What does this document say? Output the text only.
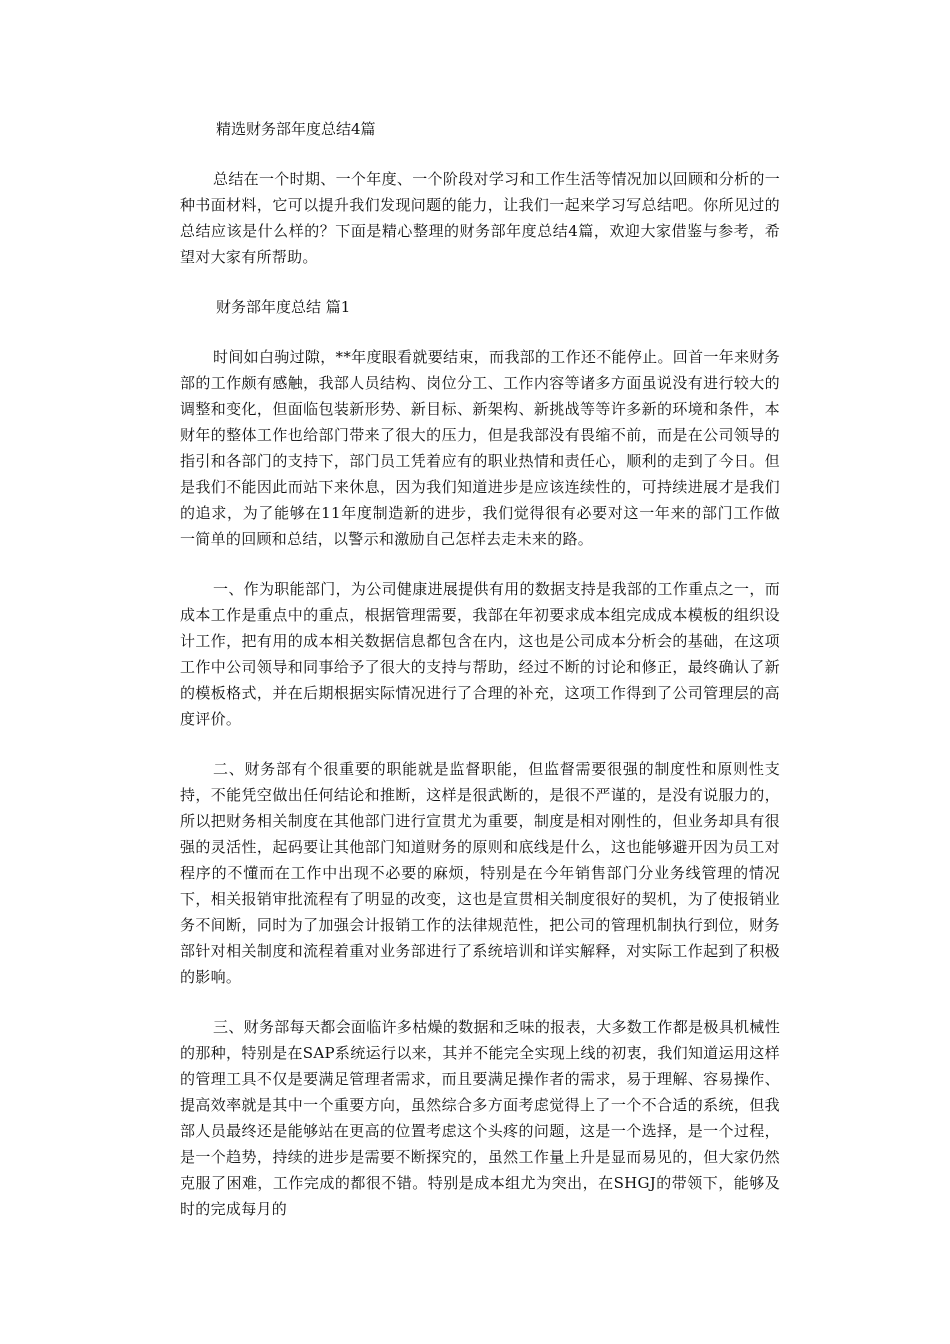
精选财务部年度总结4篇

总结在一个时期、一个年度、一个阶段对学习和工作生活等情况加以回顾和分析的一种书面材料，它可以提升我们发现问题的能力，让我们一起来学习写总结吧。你所见过的总结应该是什么样的？下面是精心整理的财务部年度总结4篇，欢迎大家借鉴与参考，希望对大家有所帮助。

财务部年度总结 篇1

时间如白驹过隙，**年度眼看就要结束，而我部的工作还不能停止。回首一年来财务部的工作颇有感触，我部人员结构、岗位分工、工作内容等诸多方面虽说没有进行较大的调整和变化，但面临包装新形势、新目标、新架构、新挑战等等许多新的环境和条件，本财年的整体工作也给部门带来了很大的压力，但是我部没有畏缩不前，而是在公司领导的指引和各部门的支持下，部门员工凭着应有的职业热情和责任心，顺利的走到了今日。但是我们不能因此而站下来休息，因为我们知道进步是应该连续性的，可持续进展才是我们的追求，为了能够在11年度制造新的进步，我们觉得很有必要对这一年来的部门工作做一简单的回顾和总结，以警示和激励自己怎样去走未来的路。

一、作为职能部门，为公司健康进展提供有用的数据支持是我部的工作重点之一，而成本工作是重点中的重点，根据管理需要，我部在年初要求成本组完成成本模板的组织设计工作，把有用的成本相关数据信息都包含在内，这也是公司成本分析会的基础，在这项工作中公司领导和同事给予了很大的支持与帮助，经过不断的讨论和修正，最终确认了新的模板格式，并在后期根据实际情况进行了合理的补充，这项工作得到了公司管理层的高度评价。

二、财务部有个很重要的职能就是监督职能，但监督需要很强的制度性和原则性支持，不能凭空做出任何结论和推断，这样是很武断的，是很不严谨的，是没有说服力的，所以把财务相关制度在其他部门进行宣贯尤为重要，制度是相对刚性的，但业务却具有很强的灵活性，起码要让其他部门知道财务的原则和底线是什么，这也能够避开因为员工对程序的不懂而在工作中出现不必要的麻烦，特别是在今年销售部门分业务线管理的情况下，相关报销审批流程有了明显的改变，这也是宣贯相关制度很好的契机，为了使报销业务不间断，同时为了加强会计报销工作的法律规范性，把公司的管理机制执行到位，财务部针对相关制度和流程着重对业务部进行了系统培训和详实解释，对实际工作起到了积极的影响。

三、财务部每天都会面临许多枯燥的数据和乏味的报表，大多数工作都是极具机械性的那种，特别是在SAP系统运行以来，其并不能完全实现上线的初衷，我们知道运用这样的管理工具不仅是要满足管理者需求，而且要满足操作者的需求，易于理解、容易操作、提高效率就是其中一个重要方向，虽然综合多方面考虑觉得上了一个不合适的系统，但我部人员最终还是能够站在更高的位置考虑这个头疼的问题，这是一个选择，是一个过程，是一个趋势，持续的进步是需要不断探究的，虽然工作量上升是显而易见的，但大家仍然克服了困难，工作完成的都很不错。特别是成本组尤为突出，在SHGJ的带领下，能够及时的完成每月的
